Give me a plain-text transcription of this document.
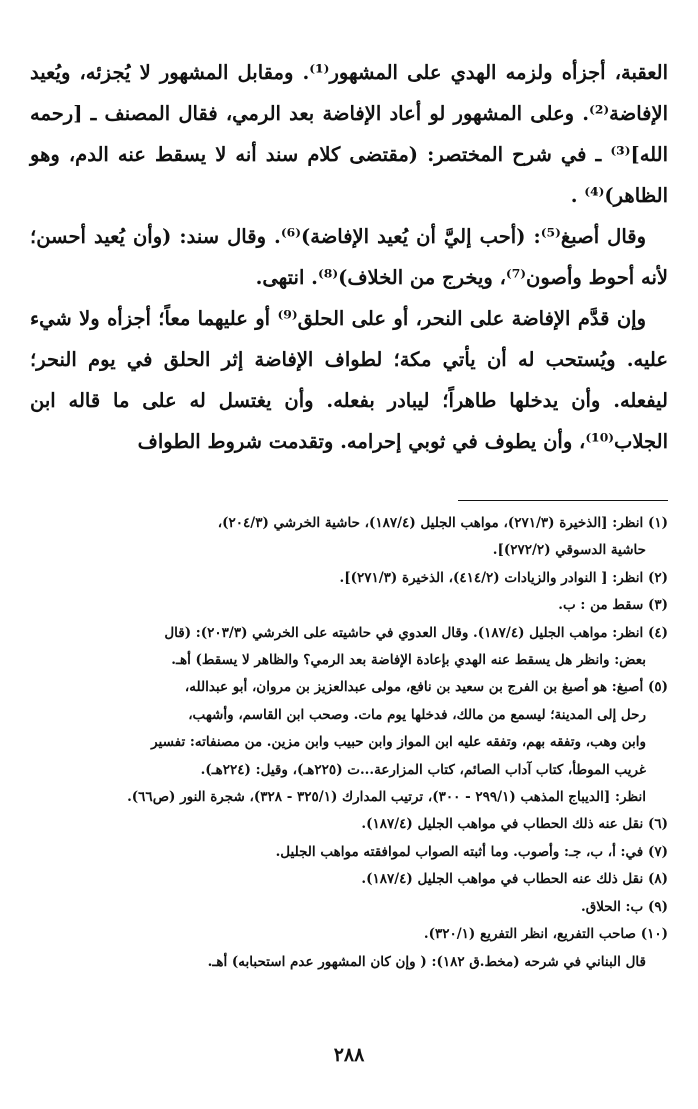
العقبة، أجزأه ولزمه الهدي على المشهور⁽¹⁾. ومقابل المشهور لا يُجزئه، ويُعيد الإفاضة⁽²⁾. وعلى المشهور لو أعاد الإفاضة بعد الرمي، فقال المصنف ـ [رحمه الله]⁽³⁾ ـ في شرح المختصر: (مقتضى كلام سند أنه لا يسقط عنه الدم، وهو الظاهر)⁽⁴⁾ .

وقال أصبغ⁽⁵⁾: (أحب إليَّ أن يُعيد الإفاضة)⁽⁶⁾. وقال سند: (وأن يُعيد أحسن؛ لأنه أحوط وأصون⁽⁷⁾، ويخرج من الخلاف)⁽⁸⁾. انتهى.

وإن قدَّم الإفاضة على النحر، أو على الحلق⁽⁹⁾ أو عليهما معاً؛ أجزأه ولا شيء عليه. ويُستحب له أن يأتي مكة؛ لطواف الإفاضة إثر الحلق في يوم النحر؛ ليفعله. وأن يدخلها طاهراً؛ ليبادر بفعله. وأن يغتسل له على ما قاله ابن الجلاب⁽¹⁰⁾، وأن يطوف في ثوبي إحرامه. وتقدمت شروط الطواف

(١) انظر: [الذخيرة (٢٧١/٣)، مواهب الجليل (١٨٧/٤)، حاشية الخرشي (٢٠٤/٣)،
حاشية الدسوقي (٢٧٢/٢)].
(٢) انظر: [ النوادر والزيادات (٤١٤/٢)، الذخيرة (٢٧١/٣)].
(٣) سقط من : ب.
(٤) انظر: مواهب الجليل (١٨٧/٤). وقال العدوي في حاشيته على الخرشي (٢٠٣/٣): (قال
بعض: وانظر هل يسقط عنه الهدي بإعادة الإفاضة بعد الرمي؟ والظاهر لا يسقط) أهـ.
(٥) أصبغ: هو أصبغ بن الفرج بن سعيد بن نافع، مولى عبدالعزيز بن مروان، أبو عبدالله،
رحل إلى المدينة؛ ليسمع من مالك، فدخلها يوم مات. وصحب ابن القاسم، وأشهب،
وابن وهب، وتفقه بهم، وتفقه عليه ابن المواز وابن حبيب وابن مزين. من مصنفاته: تفسير
غريب الموطأ، كتاب آداب الصائم، كتاب المزارعة...ت (٢٢٥هـ)، وقيل: (٢٢٤هـ).
انظر: [الديباج المذهب (٢٩٩/١ - ٣٠٠)، ترتيب المدارك (٣٢٥/١ - ٣٢٨)، شجرة النور (ص٦٦).
(٦) نقل عنه ذلك الحطاب في مواهب الجليل (١٨٧/٤).
(٧) في: أ، ب، جـ: وأصوب. وما أثبته الصواب لموافقته مواهب الجليل.
(٨) نقل ذلك عنه الحطاب في مواهب الجليل (١٨٧/٤).
(٩) ب: الحلاق.
(١٠) صاحب التفريع، انظر التفريع (٣٢٠/١).
قال البناني في شرحه (مخط.ق ١٨٢): ( وإن كان المشهور عدم استحبابه) أهـ.
٢٨٨
